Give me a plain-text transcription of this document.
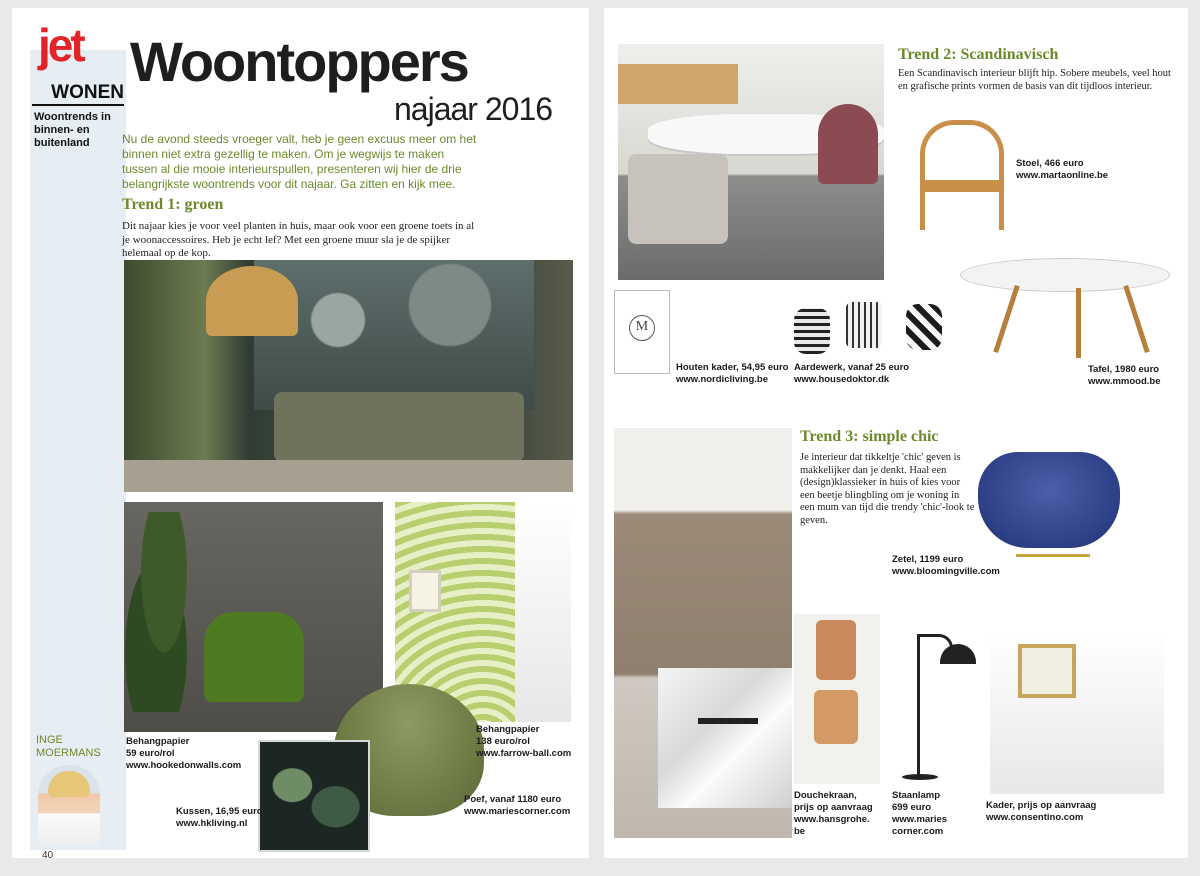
jet
WONEN
Woontrends in binnen- en buitenland
INGE MOERMANS
40
Woontoppers
najaar 2016
Nu de avond steeds vroeger valt, heb je geen excuus meer om het binnen niet extra gezellig te maken. Om je wegwijs te maken tussen al die mooie interieurspullen, presenteren wij hier de drie belangrijkste woontrends voor dit najaar. Ga zitten en kijk mee.
Trend 1: groen
Dit najaar kies je voor veel planten in huis, maar ook voor een groene toets in al je woonaccessoires. Heb je echt lef? Met een groene muur sla je de spijker helemaal op de kop.
Behangpapier
59 euro/rol
www.hookedonwalls.com
Behangpapier
138 euro/rol
www.farrow-ball.com
Kussen, 16,95 euro
www.hkliving.nl
Poef, vanaf 1180 euro
www.mariescorner.com
Trend 2: Scandinavisch
Een Scandinavisch interieur blijft hip. Sobere meubels, veel hout en grafische prints vormen de basis van dit tijdloos interieur.
Stoel, 466 euro
www.martaonline.be
Tafel, 1980 euro
www.mmood.be
M
Houten kader, 54,95 euro
www.nordicliving.be
Aardewerk, vanaf 25 euro
www.housedoktor.dk
Trend 3: simple chic
Je interieur dat tikkeltje 'chic' geven is makkelijker dan je denkt. Haal een (design)klassieker in huis of kies voor een beetje blingbling om je woning in een mum van tijd die trendy 'chic'-look te geven.
Zetel, 1199 euro
www.bloomingville.com
Douchekraan,
prijs op aanvraag
www.hansgrohe.
be
Staanlamp
699 euro
www.maries
corner.com
Kader, prijs op aanvraag
www.consentino.com
